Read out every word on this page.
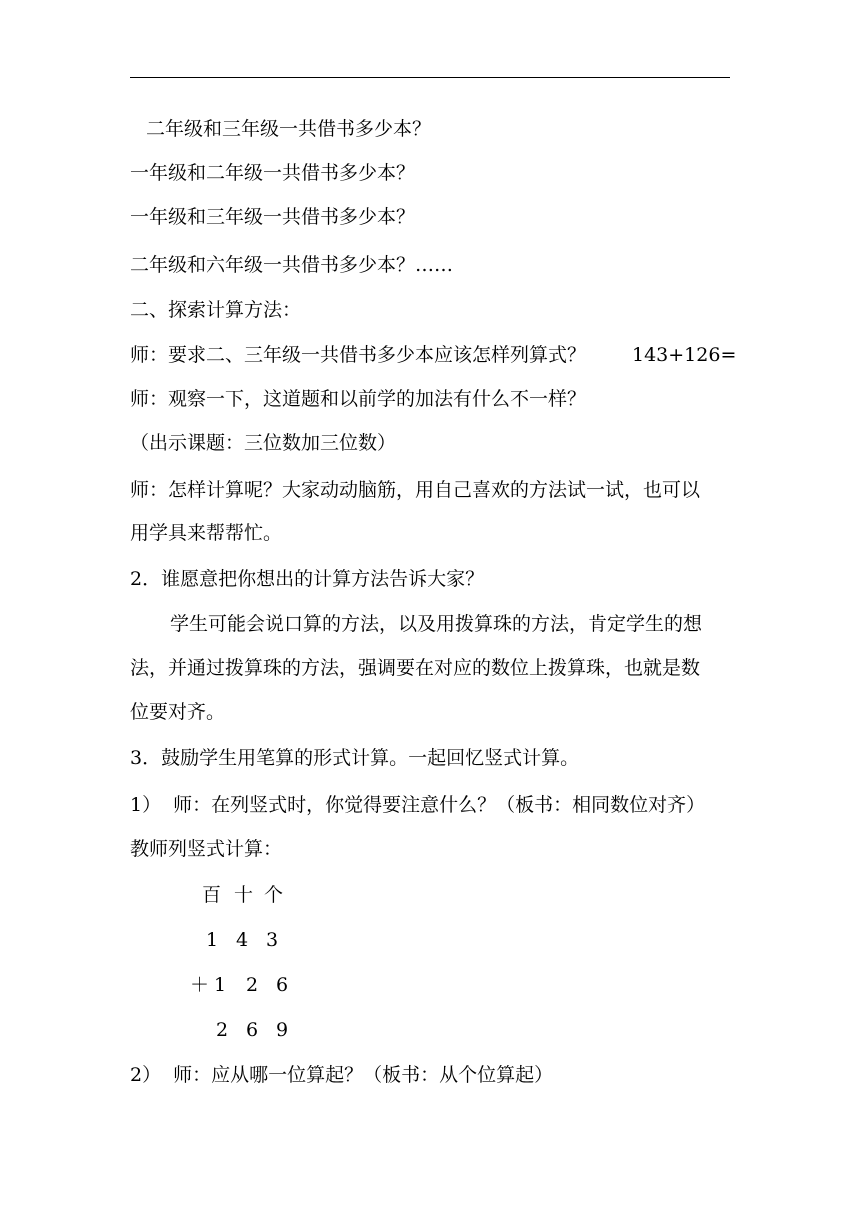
二年级和三年级一共借书多少本？
一年级和二年级一共借书多少本？
一年级和三年级一共借书多少本？
二年级和六年级一共借书多少本？……
二、探索计算方法：
师：要求二、三年级一共借书多少本应该怎样列算式？ 143+126=
师：观察一下，这道题和以前学的加法有什么不一样？
（出示课题：三位数加三位数）
师：怎样计算呢？大家动动脑筋，用自己喜欢的方法试一试，也可以
用学具来帮帮忙。
2．谁愿意把你想出的计算方法告诉大家？
学生可能会说口算的方法，以及用拨算珠的方法，肯定学生的想
法，并通过拨算珠的方法，强调要在对应的数位上拨算珠，也就是数
位要对齐。
3．鼓励学生用笔算的形式计算。一起回忆竖式计算。
1）  师：在列竖式时，你觉得要注意什么？（板书：相同数位对齐）
教师列竖式计算：
百 十 个
1 4 3
＋ 1 2 6
2 6 9
2）  师：应从哪一位算起？（板书：从个位算起）
